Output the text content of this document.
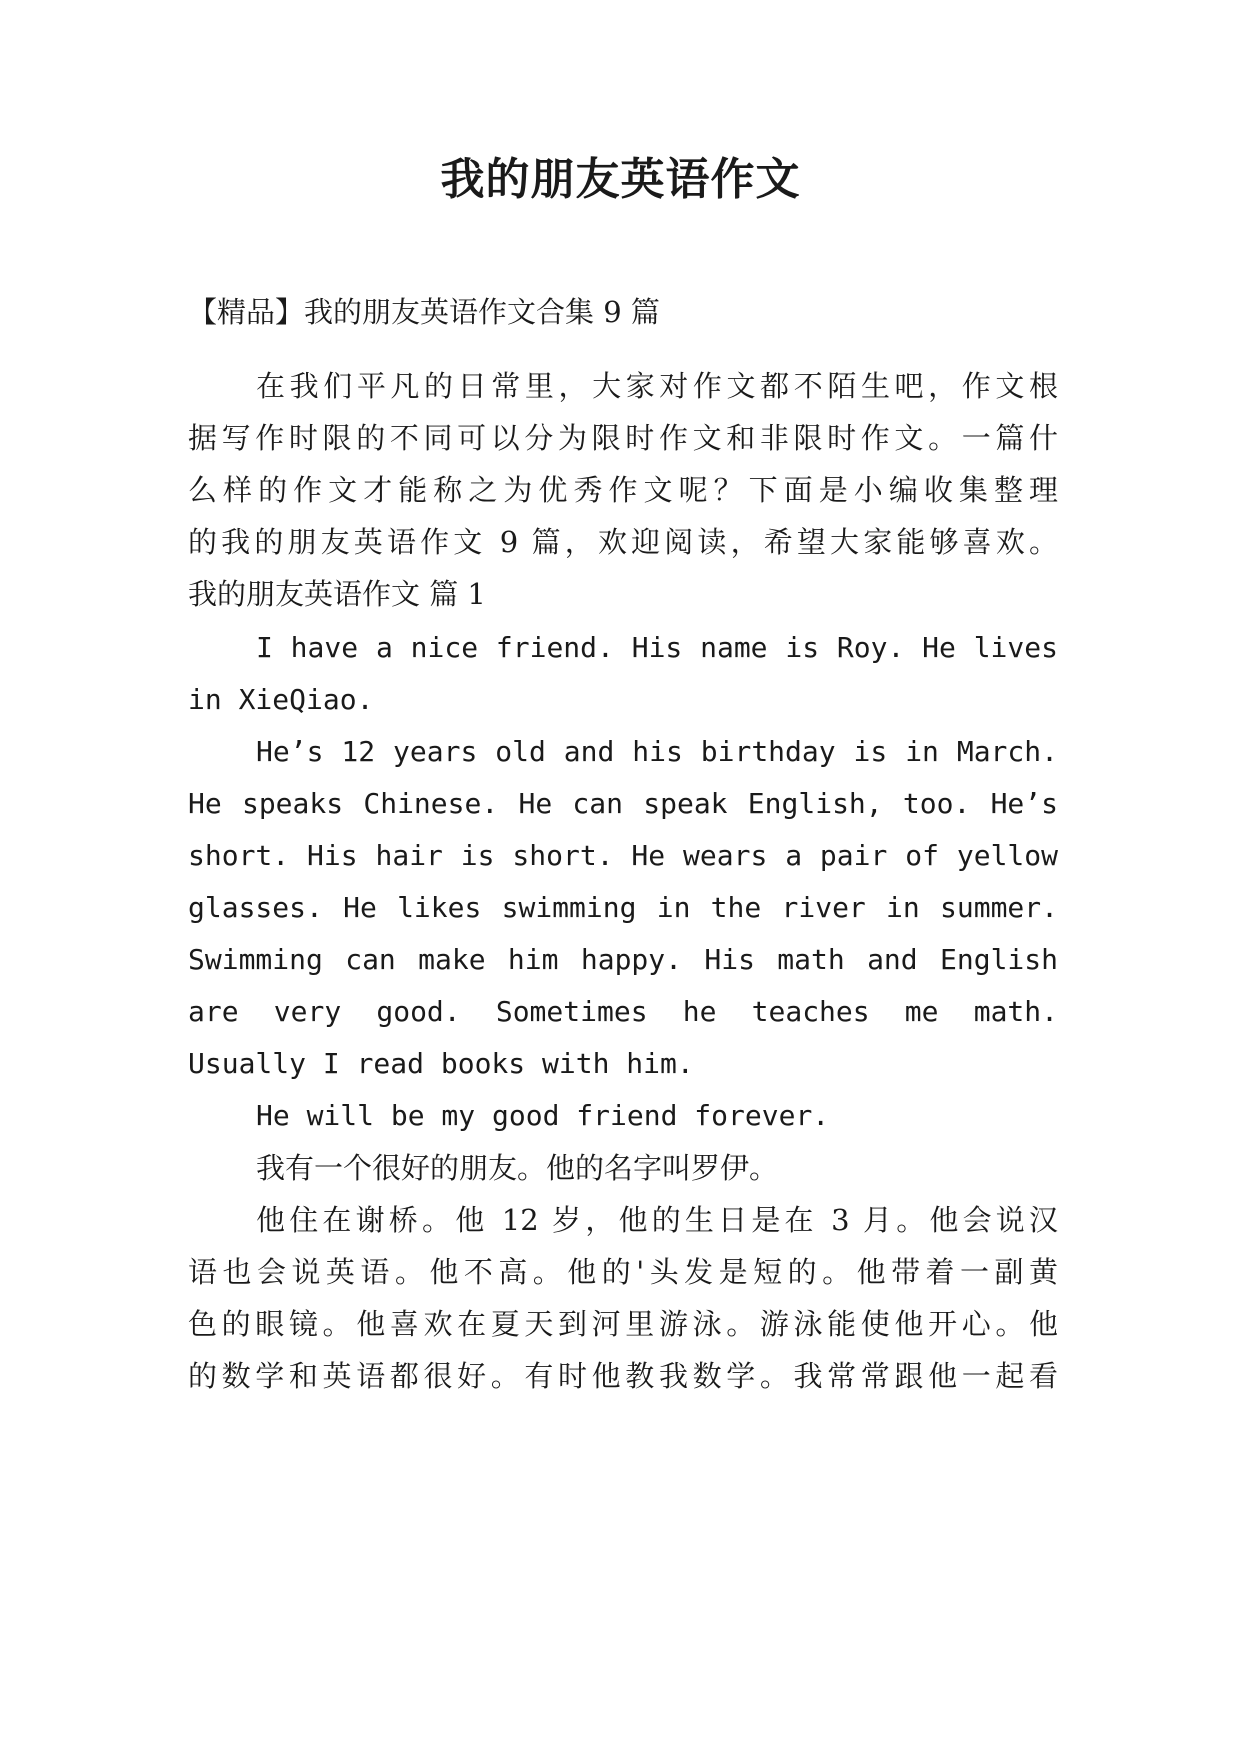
我的朋友英语作文
【精品】我的朋友英语作文合集 9 篇
在我们平凡的日常里，大家对作文都不陌生吧，作文根
据写作时限的不同可以分为限时作文和非限时作文。一篇什
么样的作文才能称之为优秀作文呢？下面是小编收集整理
的我的朋友英语作文 9 篇，欢迎阅读，希望大家能够喜欢。
我的朋友英语作文 篇 1
I have a nice friend. His name is Roy. He lives
in XieQiao.
He’s 12 years old and his birthday is in March.
He speaks Chinese. He can speak English, too. He’s
short. His hair is short. He wears a pair of yellow
glasses. He likes swimming in the river in summer.
Swimming can make him happy. His math and English
are very good. Sometimes he teaches me math.
Usually I read books with him.
He will be my good friend forever.
我有一个很好的朋友。他的名字叫罗伊。
他住在谢桥。他 12 岁，他的生日是在 3 月。他会说汉
语也会说英语。他不高。他的'头发是短的。他带着一副黄
色的眼镜。他喜欢在夏天到河里游泳。游泳能使他开心。他
的数学和英语都很好。有时他教我数学。我常常跟他一起看
